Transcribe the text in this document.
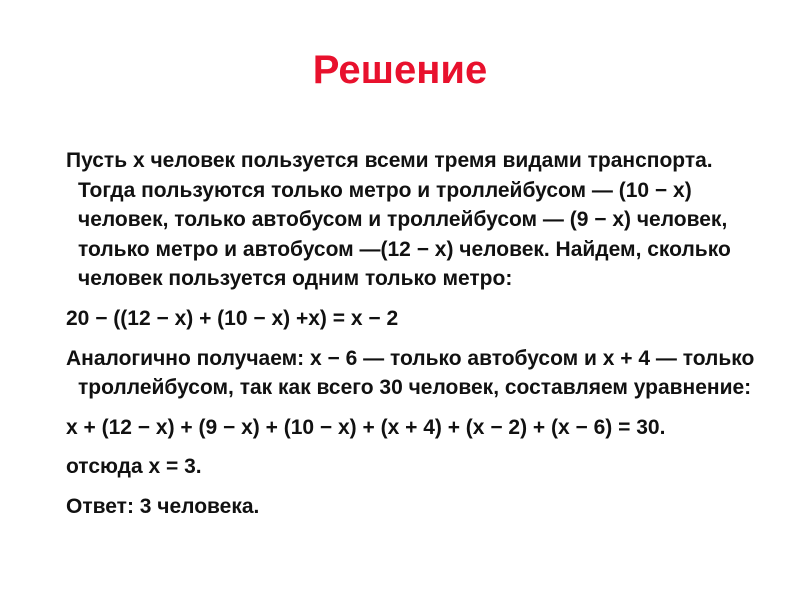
Решение

Пусть х человек пользуется всеми тремя видами транспорта. Тогда пользуются только метро и троллейбусом — (10 − х) человек, только автобусом и троллейбусом — (9 − х) человек, только метро и автобусом —(12 − х) человек. Найдем, сколько человек пользуется одним только метро:

20 − ((12 − х) + (10 − х) +х) = х − 2

Аналогично получаем: х − 6 — только автобусом и х + 4 — только троллейбусом, так как всего 30 человек, составляем уравнение:

х + (12 − х) + (9 − х) + (10 − х) + (х + 4) + (х − 2) + (х − 6) = 30.

отсюда х = 3.

Ответ: 3 человека.
